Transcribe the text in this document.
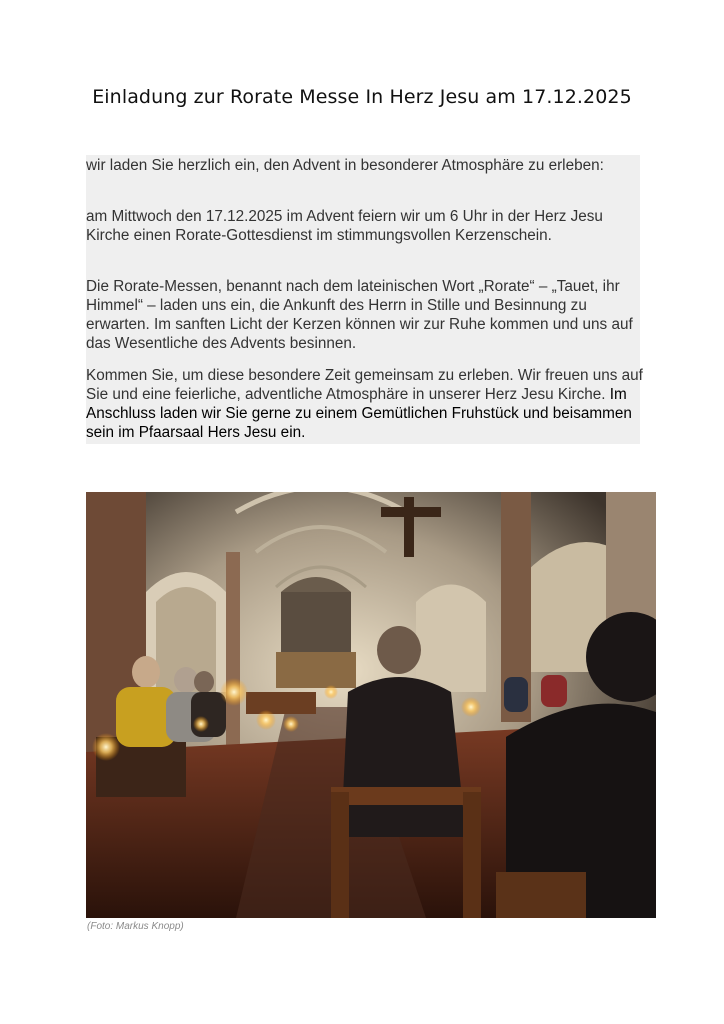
Einladung zur Rorate Messe In Herz Jesu am 17.12.2025

wir laden Sie herzlich ein, den Advent in besonderer Atmosphäre zu erleben:

am Mittwoch den 17.12.2025 im Advent feiern wir um 6 Uhr in der Herz Jesu Kirche einen Rorate-Gottesdienst im stimmungsvollen Kerzenschein.

Die Rorate-Messen, benannt nach dem lateinischen Wort „Rorate“ – „Tauet, ihr Himmel“ – laden uns ein, die Ankunft des Herrn in Stille und Besinnung zu erwarten. Im sanften Licht der Kerzen können wir zur Ruhe kommen und uns auf das Wesentliche des Advents besinnen.

Kommen Sie, um diese besondere Zeit gemeinsam zu erleben. Wir freuen uns auf Sie und eine feierliche, adventliche Atmosphäre in unserer Herz Jesu Kirche. Im Anschluss laden wir Sie gerne zu einem Gemütlichen Fruhstück und beisammen sein im Pfaarsaal Hers Jesu ein.

(Foto: Markus Knopp)
